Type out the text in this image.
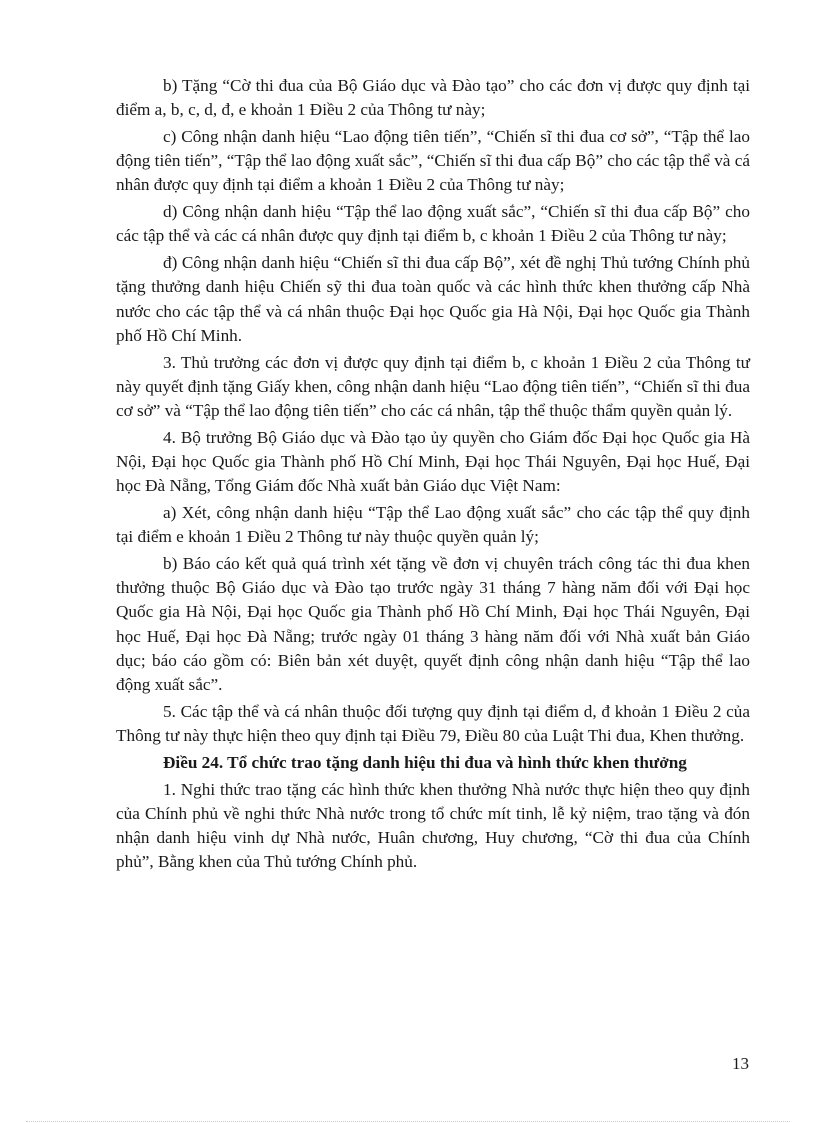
b) Tặng “Cờ thi đua của Bộ Giáo dục và Đào tạo” cho các đơn vị được quy định tại điểm a, b, c, d, đ, e khoản 1 Điều 2 của Thông tư này;

c) Công nhận danh hiệu “Lao động tiên tiến”, “Chiến sĩ thi đua cơ sở”, “Tập thể lao động tiên tiến”, “Tập thể lao động xuất sắc”, “Chiến sĩ thi đua cấp Bộ” cho các tập thể và cá nhân được quy định tại điểm a khoản 1 Điều 2 của Thông tư này;

d) Công nhận danh hiệu “Tập thể lao động xuất sắc”, “Chiến sĩ thi đua cấp Bộ” cho các tập thể và các cá nhân được quy định tại điểm b, c khoản 1 Điều 2 của Thông tư này;

đ) Công nhận danh hiệu “Chiến sĩ thi đua cấp Bộ”, xét đề nghị Thủ tướng Chính phủ tặng thưởng danh hiệu Chiến sỹ thi đua toàn quốc và các hình thức khen thưởng cấp Nhà nước cho các tập thể và cá nhân thuộc Đại học Quốc gia Hà Nội, Đại học Quốc gia Thành phố Hồ Chí Minh.

3. Thủ trưởng các đơn vị được quy định tại điểm b, c khoản 1 Điều 2 của Thông tư này quyết định tặng Giấy khen, công nhận danh hiệu “Lao động tiên tiến”, “Chiến sĩ thi đua cơ sở” và “Tập thể lao động tiên tiến” cho các cá nhân, tập thể thuộc thẩm quyền quản lý.

4. Bộ trưởng Bộ Giáo dục và Đào tạo ủy quyền cho Giám đốc Đại học Quốc gia Hà Nội, Đại học Quốc gia Thành phố Hồ Chí Minh, Đại học Thái Nguyên, Đại học Huế, Đại học Đà Nẵng, Tổng Giám đốc Nhà xuất bản Giáo dục Việt Nam:

a) Xét, công nhận danh hiệu “Tập thể Lao động xuất sắc” cho các tập thể quy định tại điểm e khoản 1 Điều 2 Thông tư này thuộc quyền quản lý;

b) Báo cáo kết quả quá trình xét tặng về đơn vị chuyên trách công tác thi đua khen thưởng thuộc Bộ Giáo dục và Đào tạo trước ngày 31 tháng 7 hàng năm đối với Đại học Quốc gia Hà Nội, Đại học Quốc gia Thành phố Hồ Chí Minh, Đại học Thái Nguyên, Đại học Huế, Đại học Đà Nẵng; trước ngày 01 tháng 3 hàng năm đối với Nhà xuất bản Giáo dục; báo cáo gồm có: Biên bản xét duyệt, quyết định công nhận danh hiệu “Tập thể lao động xuất sắc”.

5. Các tập thể và cá nhân thuộc đối tượng quy định tại điểm d, đ khoản 1 Điều 2 của Thông tư này thực hiện theo quy định tại Điều 79, Điều 80 của Luật Thi đua, Khen thưởng.

Điều 24. Tổ chức trao tặng danh hiệu thi đua và hình thức khen thưởng

1. Nghi thức trao tặng các hình thức khen thưởng Nhà nước thực hiện theo quy định của Chính phủ về nghi thức Nhà nước trong tổ chức mít tinh, lễ kỷ niệm, trao tặng và đón nhận danh hiệu vinh dự Nhà nước, Huân chương, Huy chương, “Cờ thi đua của Chính phủ”, Bằng khen của Thủ tướng Chính phủ.

13
